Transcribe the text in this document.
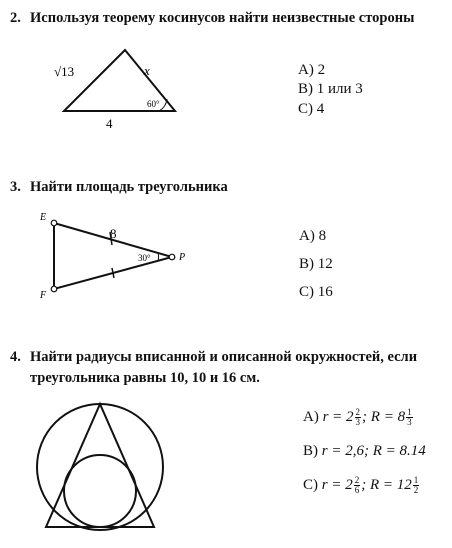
2. Используя теорему косинусов найти неизвестные стороны
√13	x
4
60°
A) 2
B) 1 или 3
C) 4
3. Найти площадь треугольника
E
F
P
8
30°
A) 8
B) 12
C) 16
4. Найти радиусы вписанной и описанной окружностей, если
треугольника равны 10, 10 и 16 см.
A) $r = 2 \frac{2}{3}$ ; $R = 8 \frac{1}{3}$
B) r = 2,6; R = 8.14
C) $r = 2 \frac{2}{6}$ ; $R = 12 \frac{1}{2}$
